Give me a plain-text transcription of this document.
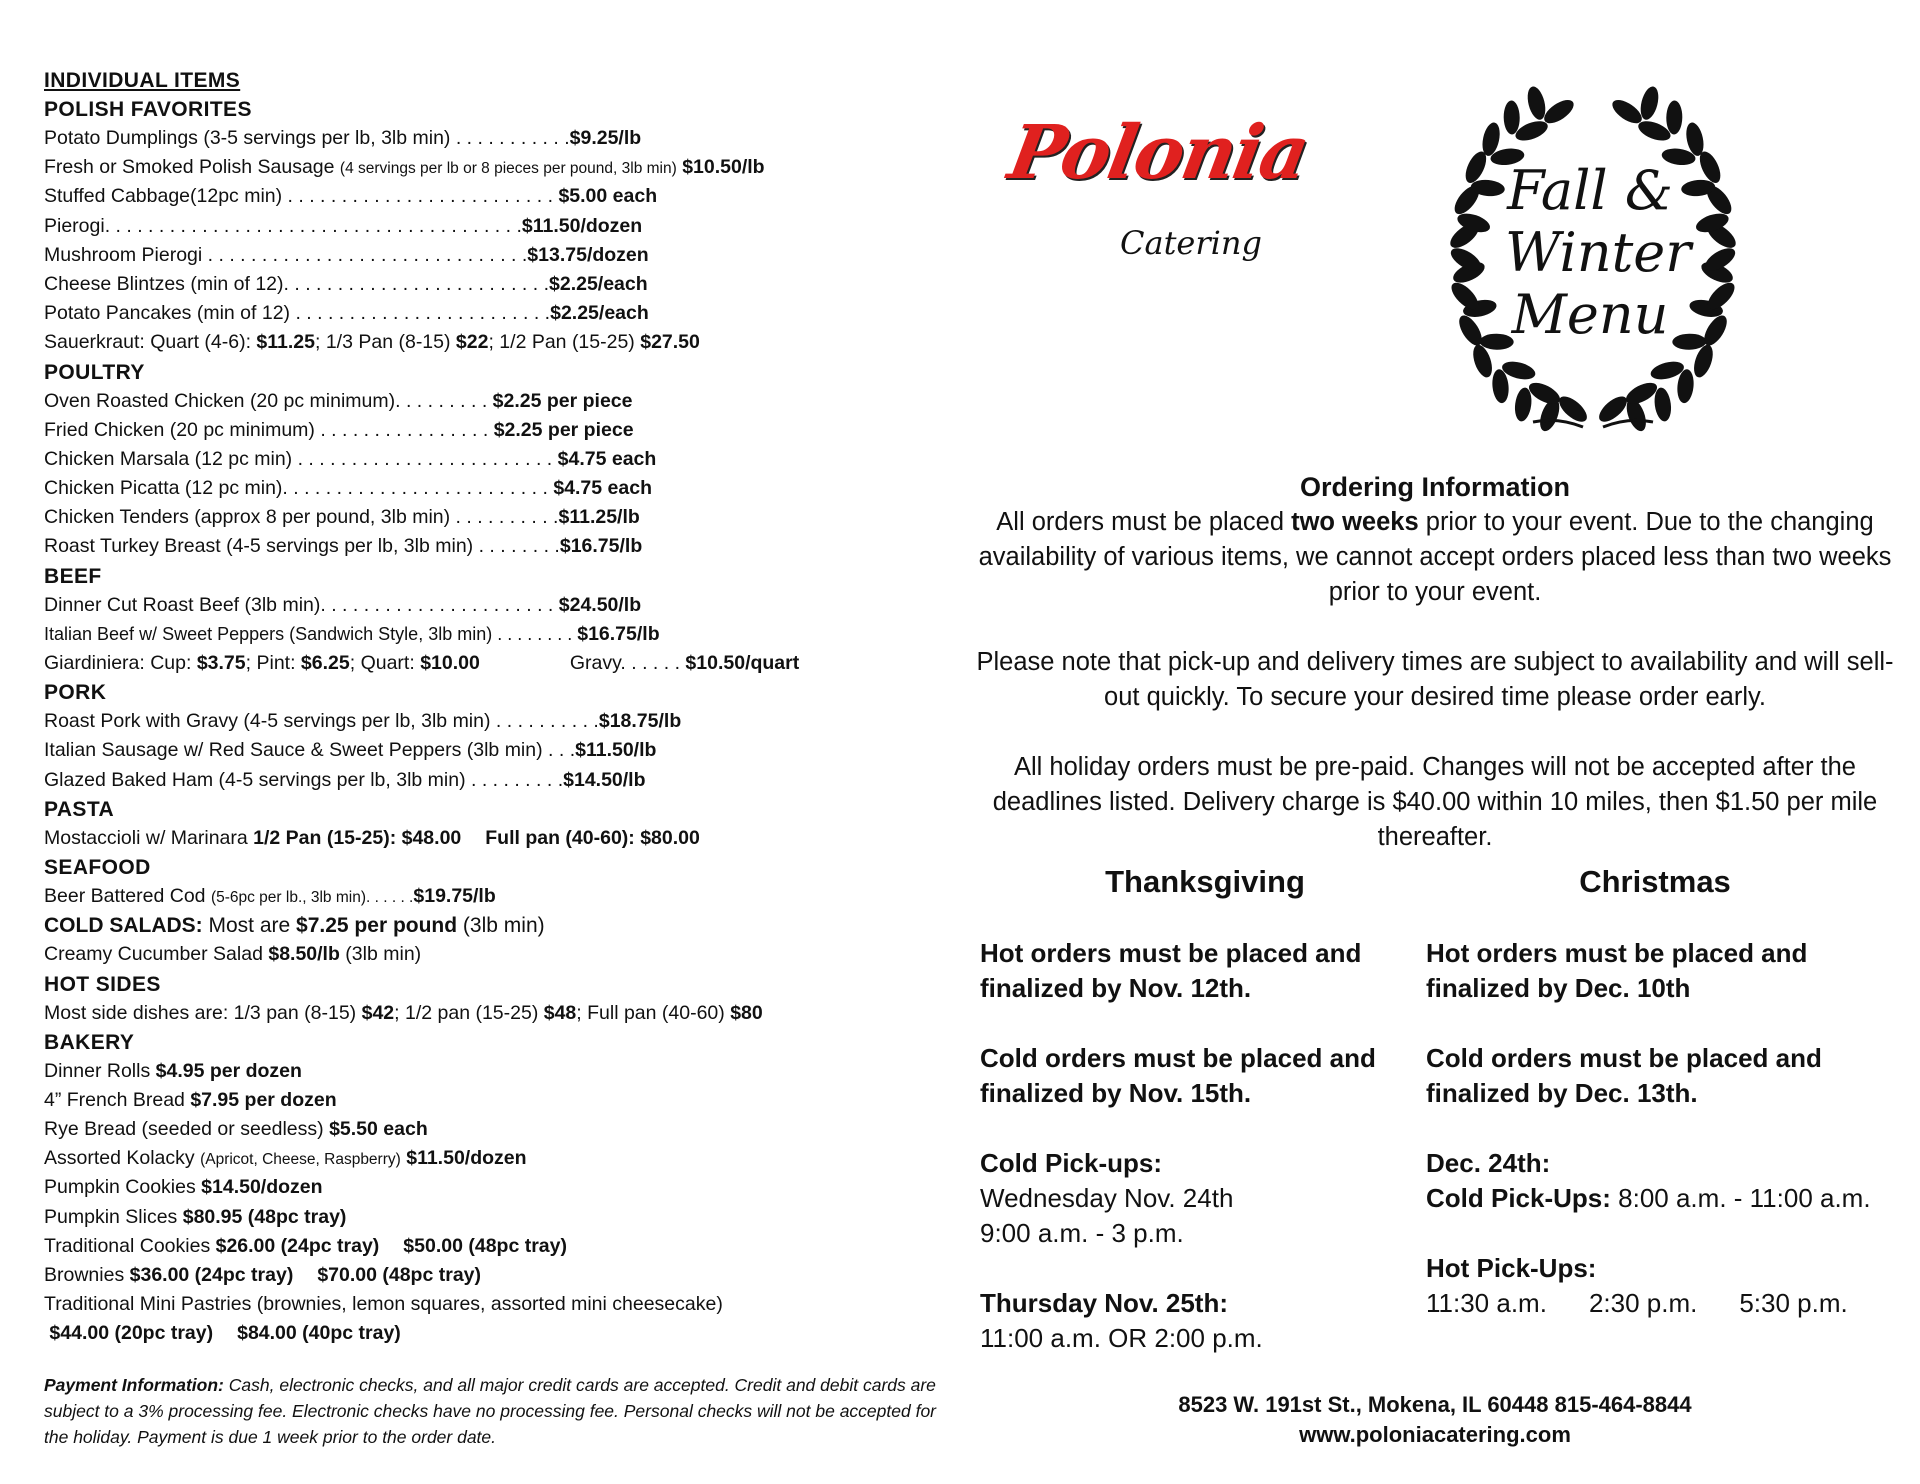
INDIVIDUAL ITEMS
POLISH FAVORITES
Potato Dumplings (3-5 servings per lb, 3lb min) . . . . . . . . . . .$9.25/lb
Fresh or Smoked Polish Sausage (4 servings per lb or 8 pieces per pound, 3lb min) $10.50/lb
Stuffed Cabbage(12pc min) . . . . . . . . . . . . . . . . . . . . . . . . . $5.00 each
Pierogi. . . . . . . . . . . . . . . . . . . . . . . . . . . . . . . . . . . . . . .$11.50/dozen
Mushroom Pierogi . . . . . . . . . . . . . . . . . . . . . . . . . . . . . .$13.75/dozen
Cheese Blintzes (min of 12). . . . . . . . . . . . . . . . . . . . . . . . .$2.25/each
Potato Pancakes (min of 12) . . . . . . . . . . . . . . . . . . . . . . . .$2.25/each
Sauerkraut: Quart (4-6): $11.25; 1/3 Pan (8-15) $22; 1/2 Pan (15-25) $27.50
POULTRY
Oven Roasted Chicken (20 pc minimum). . . . . . . . . $2.25 per piece
Fried Chicken (20 pc minimum) . . . . . . . . . . . . . . . . $2.25 per piece
Chicken Marsala (12 pc min) . . . . . . . . . . . . . . . . . . . . . . . . $4.75 each
Chicken Picatta (12 pc min). . . . . . . . . . . . . . . . . . . . . . . . . $4.75 each
Chicken Tenders (approx 8 per pound, 3lb min) . . . . . . . . . .$11.25/lb
Roast Turkey Breast (4-5 servings per lb, 3lb min) . . . . . . . .$16.75/lb
BEEF
Dinner Cut Roast Beef (3lb min). . . . . . . . . . . . . . . . . . . . . . $24.50/lb
Italian Beef w/ Sweet Peppers (Sandwich Style, 3lb min) . . . . . . . . $16.75/lb
Giardiniera: Cup: $3.75; Pint: $6.25; Quart: $10.00	Gravy. . . . . . $10.50/quart
PORK
Roast Pork with Gravy (4-5 servings per lb, 3lb min) . . . . . . . . . .$18.75/lb
Italian Sausage w/ Red Sauce & Sweet Peppers (3lb min) . . .$11.50/lb
Glazed Baked Ham (4-5 servings per lb, 3lb min) . . . . . . . . .$14.50/lb
PASTA
Mostaccioli w/ Marinara 1/2 Pan (15-25): $48.00 Full pan (40-60): $80.00
SEAFOOD
Beer Battered Cod (5-6pc per lb., 3lb min). . . . . .$19.75/lb
COLD SALADS: Most are $7.25 per pound (3lb min)
Creamy Cucumber Salad $8.50/lb (3lb min)
HOT SIDES
Most side dishes are: 1/3 pan (8-15) $42; 1/2 pan (15-25) $48; Full pan (40-60) $80
BAKERY
Dinner Rolls $4.95 per dozen
4” French Bread $7.95 per dozen
Rye Bread (seeded or seedless) $5.50 each
Assorted Kolacky (Apricot, Cheese, Raspberry) $11.50/dozen
Pumpkin Cookies $14.50/dozen
Pumpkin Slices $80.95 (48pc tray)
Traditional Cookies $26.00 (24pc tray) $50.00 (48pc tray)
Brownies $36.00 (24pc tray) $70.00 (48pc tray)
Traditional Mini Pastries (brownies, lemon squares, assorted mini cheesecake)
$44.00 (20pc tray) $84.00 (40pc tray)
Payment Information: Cash, electronic checks, and all major credit cards are accepted. Credit and debit cards are subject to a 3% processing fee. Electronic checks have no processing fee. Personal checks will not be accepted for the holiday. Payment is due 1 week prior to the order date.
Polonia
Catering
Fall &
Winter
Menu
Ordering Information

All orders must be placed two weeks prior to your event. Due to the changing availability of various items, we cannot accept orders placed less than two weeks prior to your event.

Please note that pick-up and delivery times are subject to availability and will sell-out quickly. To secure your desired time please order early.

All holiday orders must be pre-paid. Changes will not be accepted after the deadlines listed. Delivery charge is $40.00 within 10 miles, then $1.50 per mile thereafter.

Thanksgiving	Christmas
Hot orders must be placed and finalized by Nov. 12th.
Cold orders must be placed and finalized by Nov. 15th.
Cold Pick-ups:
Wednesday Nov. 24th
9:00 a.m. - 3 p.m.
Thursday Nov. 25th:
11:00 a.m. OR 2:00 p.m.
Hot orders must be placed and finalized by Dec. 10th
Cold orders must be placed and finalized by Dec. 13th.
Dec. 24th:
Cold Pick-Ups: 8:00 a.m. - 11:00 a.m.
Hot Pick-Ups:
11:30 a.m. 2:30 p.m. 5:30 p.m.
8523 W. 191st St., Mokena, IL 60448 815-464-8844
www.poloniacatering.com
